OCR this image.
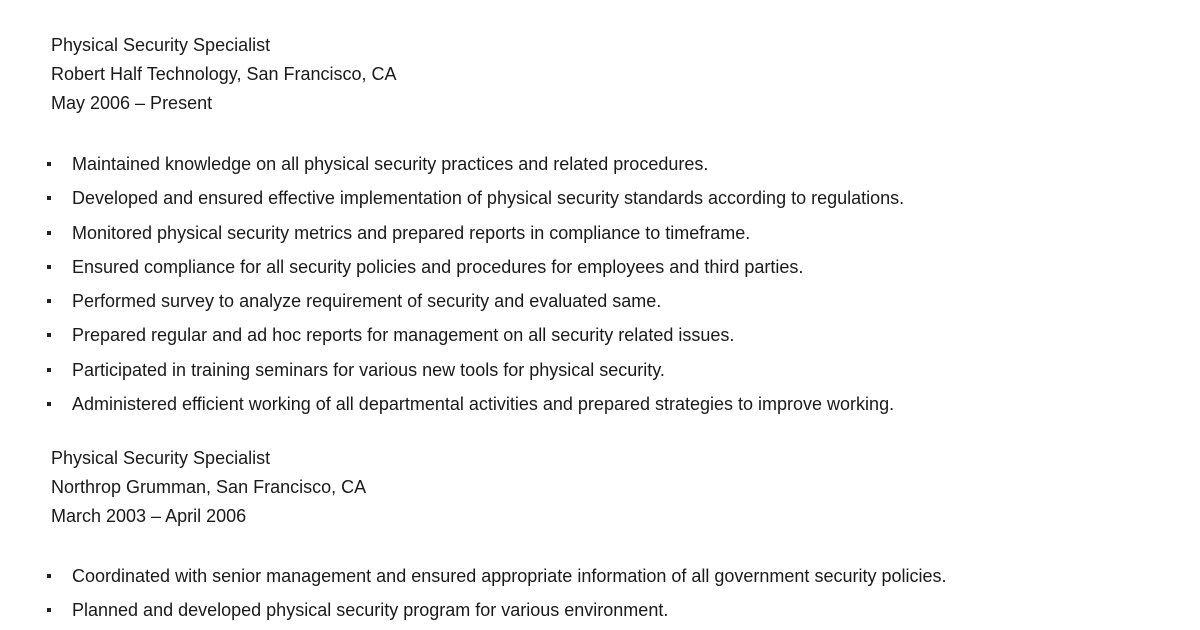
Physical Security Specialist
Robert Half Technology, San Francisco, CA
May 2006 – Present
Maintained knowledge on all physical security practices and related procedures.
Developed and ensured effective implementation of physical security standards according to regulations.
Monitored physical security metrics and prepared reports in compliance to timeframe.
Ensured compliance for all security policies and procedures for employees and third parties.
Performed survey to analyze requirement of security and evaluated same.
Prepared regular and ad hoc reports for management on all security related issues.
Participated in training seminars for various new tools for physical security.
Administered efficient working of all departmental activities and prepared strategies to improve working.
Physical Security Specialist
Northrop Grumman, San Francisco, CA
March 2003 – April 2006
Coordinated with senior management and ensured appropriate information of all government security policies.
Planned and developed physical security program for various environment.
